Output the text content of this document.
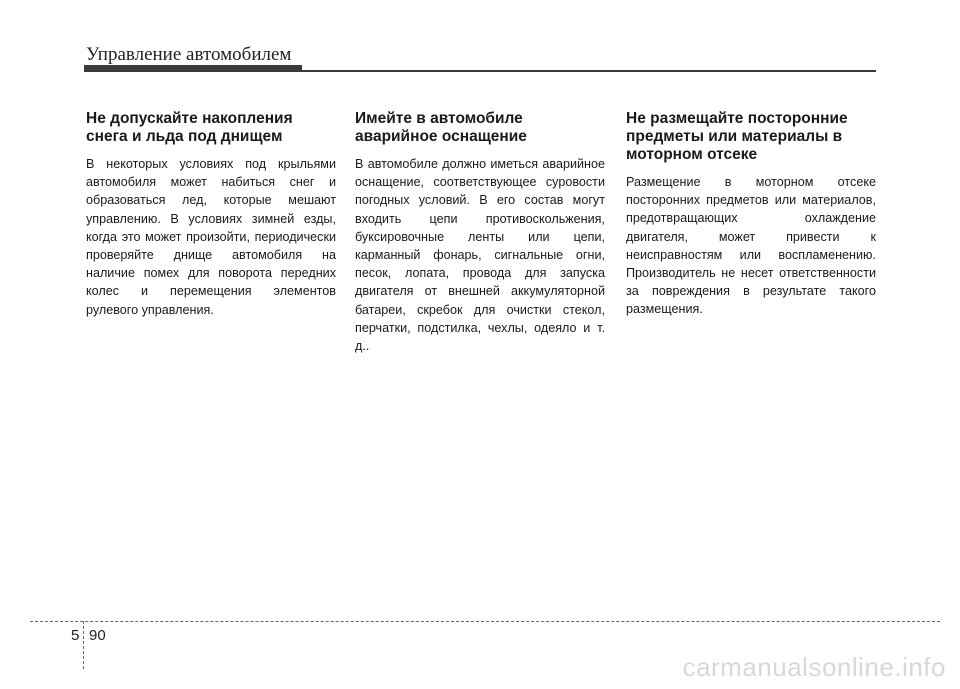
Управление автомобилем
Не допускайте накопления снега и льда под днищем

В некоторых условиях под крыльями автомобиля может набиться снег и образоваться лед, которые мешают управлению. В условиях зимней езды, когда это может произойти, периодически проверяйте днище автомобиля на наличие помех для поворота передних колес и перемещения элементов рулевого управления.

Имейте в автомобиле аварийное оснащение

В автомобиле должно иметься аварийное оснащение, соответствующее суровости погодных условий. В его состав могут входить цепи противоскольжения, буксировочные ленты или цепи, карманный фонарь, сигнальные огни, песок, лопата, провода для запуска двигателя от внешней аккумуляторной батареи, скребок для очистки стекол, перчатки, подстилка, чехлы, одеяло и т. д..

Не размещайте посторонние предметы или материалы в моторном отсеке

Размещение в моторном отсеке посторонних предметов или материалов, предотвращающих охлаждение двигателя, может привести к неисправностям или воспламенению. Производитель не несет ответственности за повреждения в результате такого размещения.

5 90
carmanualsonline.info
